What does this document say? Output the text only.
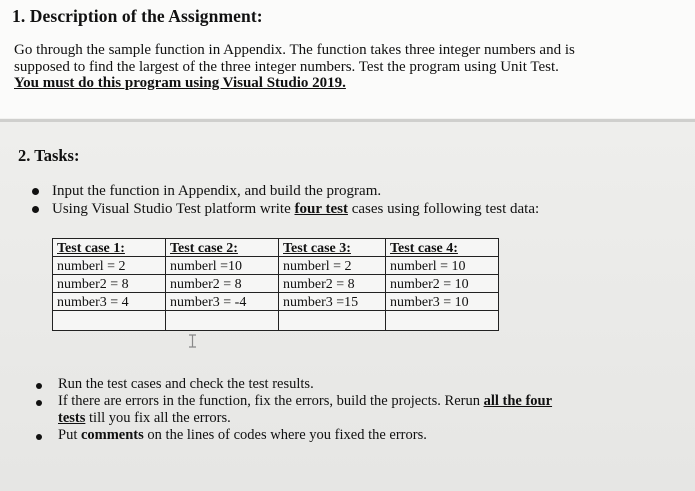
1. Description of the Assignment:
Go through the sample function in Appendix. The function takes three integer numbers and is
supposed to find the largest of the three integer numbers. Test the program using Unit Test.
You must do this program using Visual Studio 2019.
2. Tasks:
Input the function in Appendix, and build the program.
Using Visual Studio Test platform write four test cases using following test data:
Test case 1:	Test case 2:	Test case 3:	Test case 4:
numberl = 2	numberl =10	numberl = 2	numberl = 10
number2 = 8	number2 = 8	number2 = 8	number2 = 10
number3 = 4	number3 = -4	number3 =15	number3 = 10

Run the test cases and check the test results.
If there are errors in the function, fix the errors, build the projects. Rerun all the four
tests till you fix all the errors.
Put comments on the lines of codes where you fixed the errors.
